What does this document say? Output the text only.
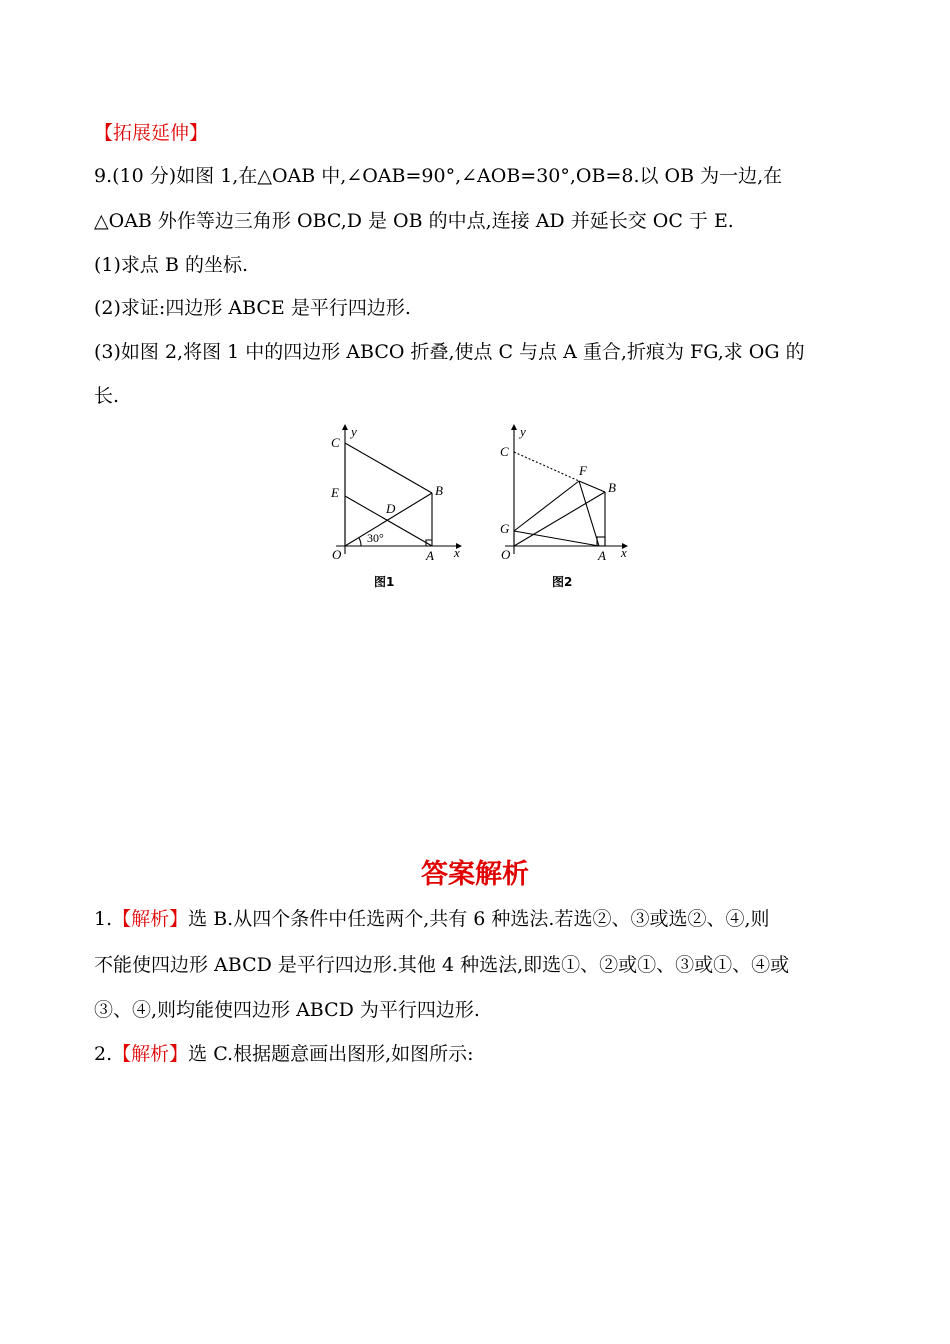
【拓展延伸】
9.(10 分)如图 1,在△OAB 中,∠OAB=90°,∠AOB=30°,OB=8.以 OB 为一边,在
△OAB 外作等边三角形 OBC,D 是 OB 的中点,连接 AD 并延长交 OC 于 E.
(1)求点 B 的坐标.
(2)求证:四边形 ABCE 是平行四边形.
(3)如图 2,将图 1 中的四边形 ABCO 折叠,使点 C 与点 A 重合,折痕为 FG,求 OG 的
长.
C
E
D
B
O	A x
y
30°
图1
C
F
B
G
O	A x
y
图2
答案解析
1.【解析】选 B.从四个条件中任选两个,共有 6 种选法.若选②、③或选②、④,则
不能使四边形 ABCD 是平行四边形.其他 4 种选法,即选①、②或①、③或①、④或
③、④,则均能使四边形 ABCD 为平行四边形.
2.【解析】选 C.根据题意画出图形,如图所示:
